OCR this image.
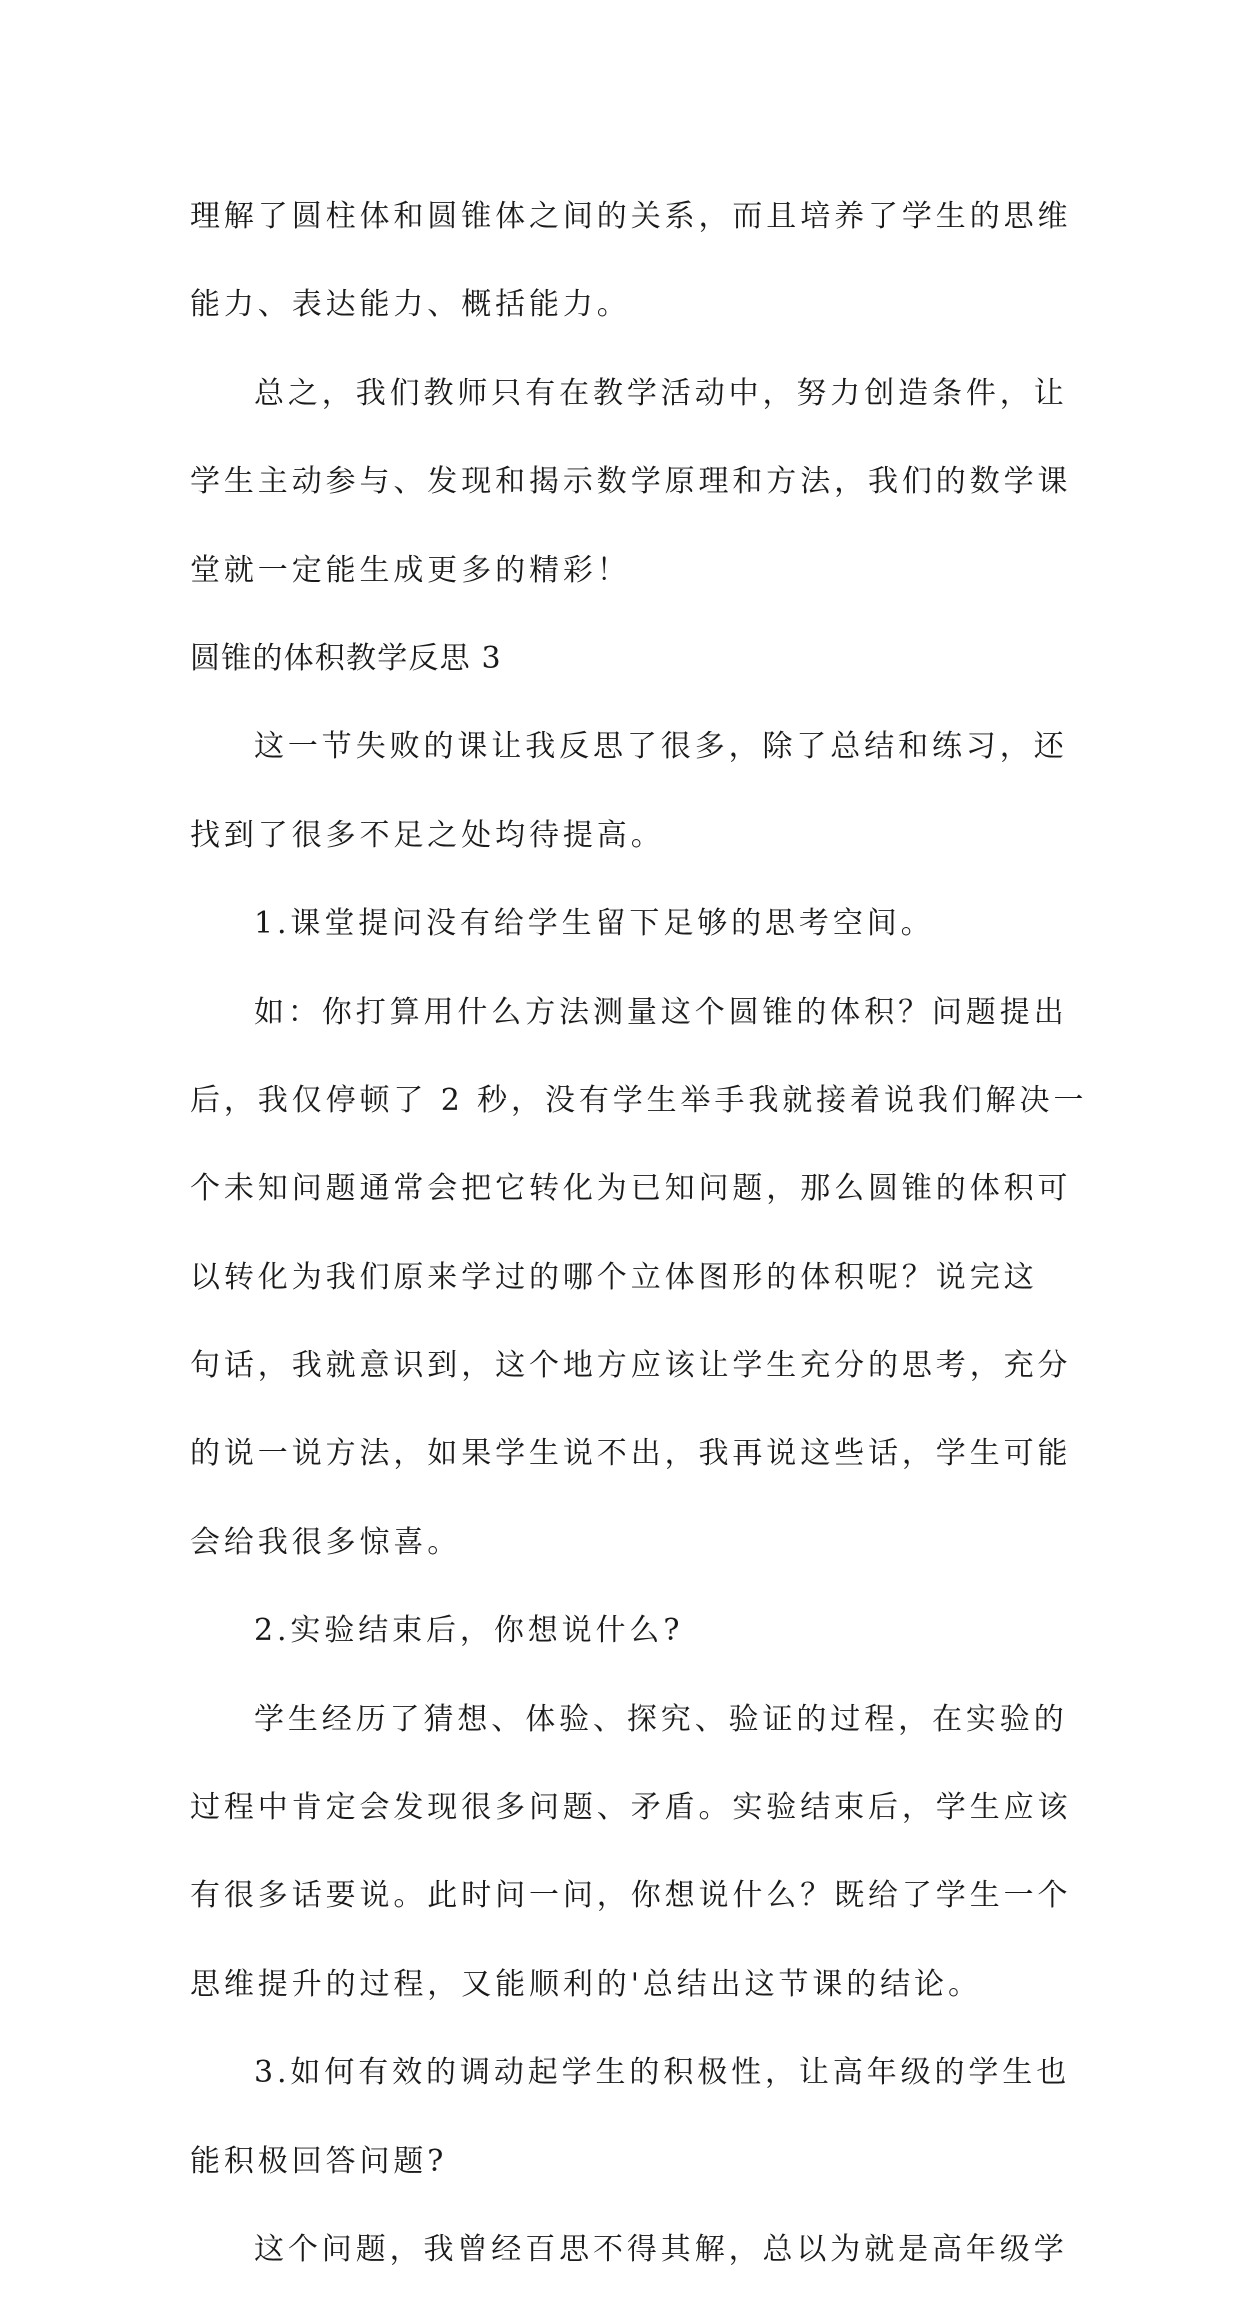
理解了圆柱体和圆锥体之间的关系，而且培养了学生的思维

能力、表达能力、概括能力。

总之，我们教师只有在教学活动中，努力创造条件，让

学生主动参与、发现和揭示数学原理和方法，我们的数学课

堂就一定能生成更多的精彩！

圆锥的体积教学反思 3

这一节失败的课让我反思了很多，除了总结和练习，还

找到了很多不足之处均待提高。

1.课堂提问没有给学生留下足够的思考空间。

如：你打算用什么方法测量这个圆锥的体积？问题提出

后，我仅停顿了 2 秒，没有学生举手我就接着说我们解决一

个未知问题通常会把它转化为已知问题，那么圆锥的体积可

以转化为我们原来学过的哪个立体图形的体积呢？说完这

句话，我就意识到，这个地方应该让学生充分的思考，充分

的说一说方法，如果学生说不出，我再说这些话，学生可能

会给我很多惊喜。

2.实验结束后，你想说什么?

学生经历了猜想、体验、探究、验证的过程，在实验的

过程中肯定会发现很多问题、矛盾。实验结束后，学生应该

有很多话要说。此时问一问，你想说什么？既给了学生一个

思维提升的过程，又能顺利的'总结出这节课的结论。

3.如何有效的调动起学生的积极性，让高年级的学生也

能积极回答问题?

这个问题，我曾经百思不得其解，总以为就是高年级学
